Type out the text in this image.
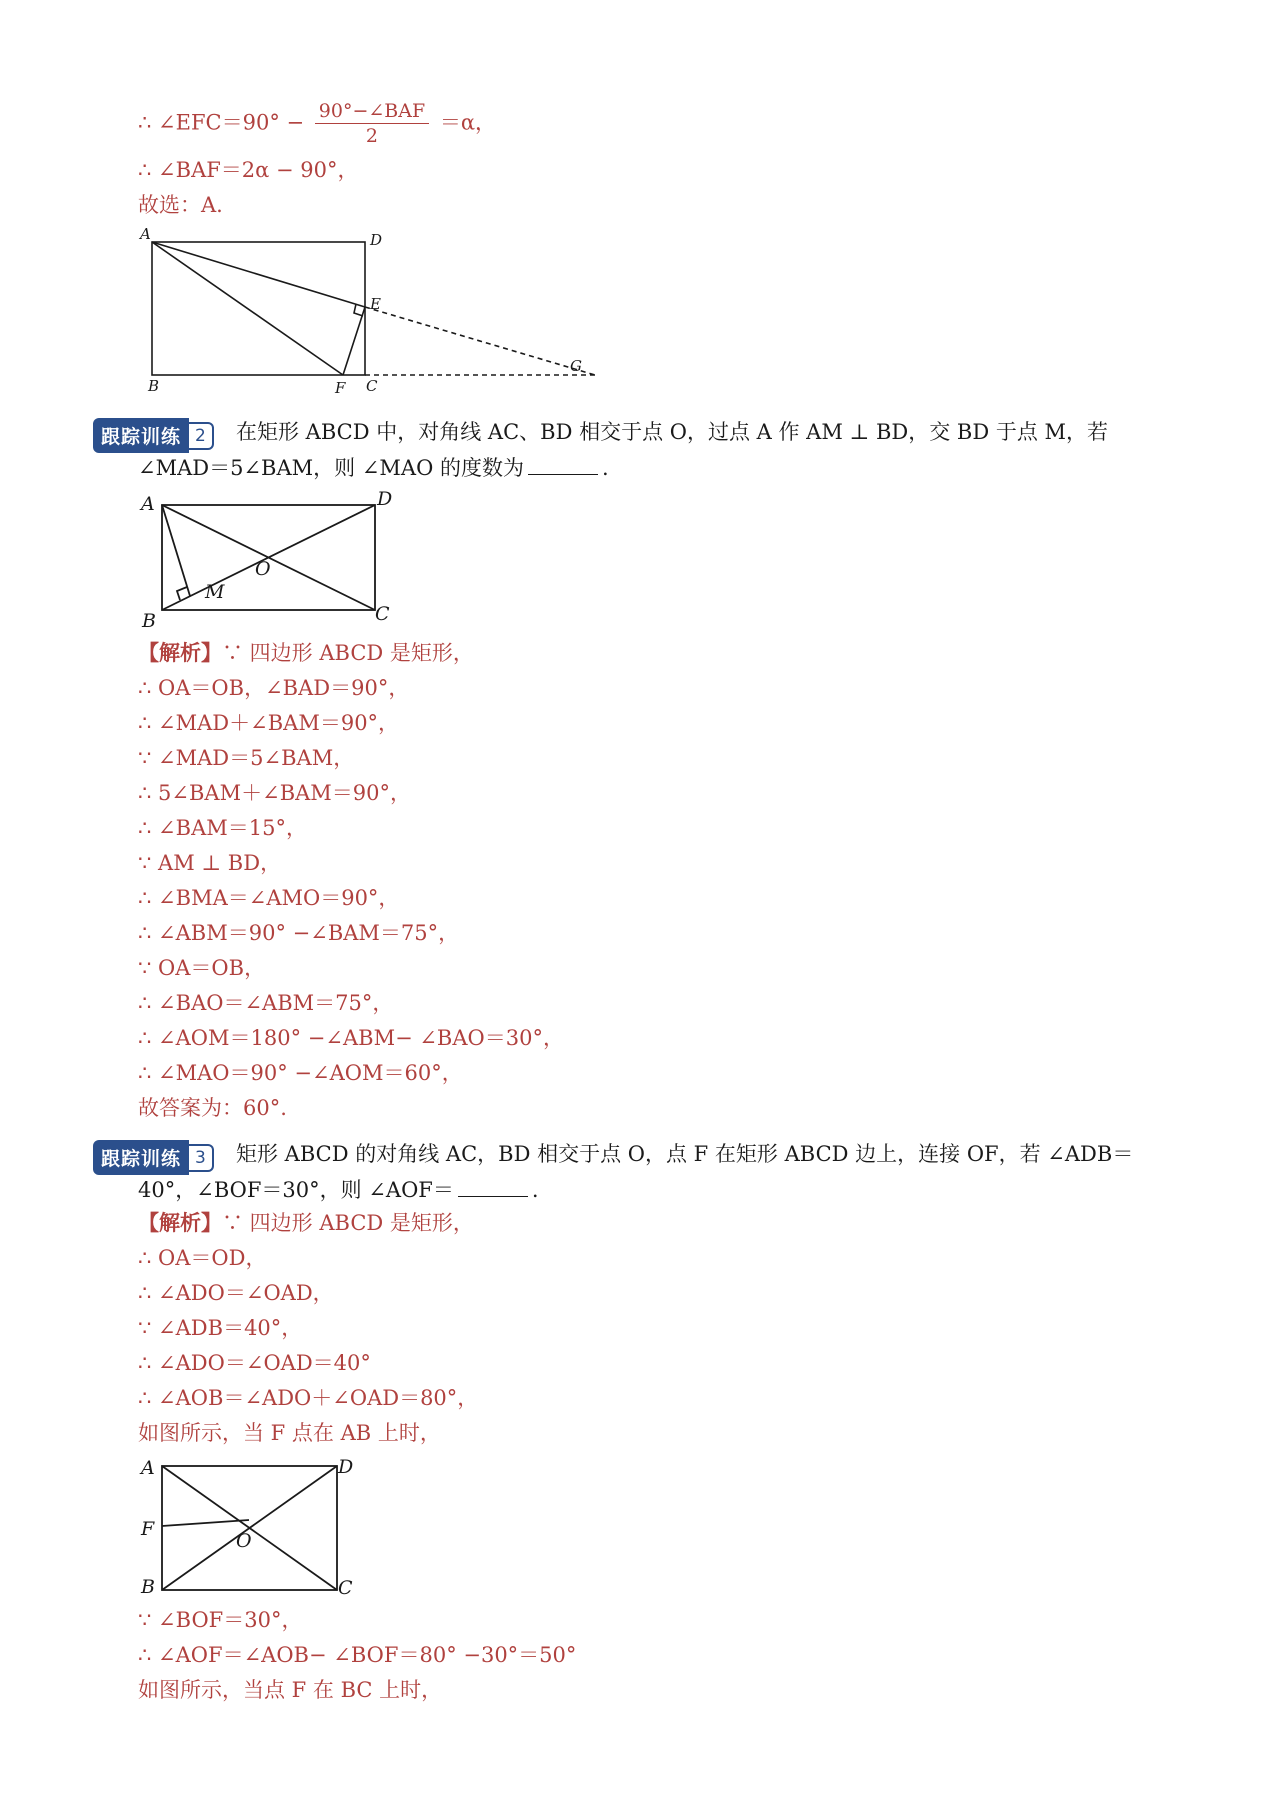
∴ ∠EFC＝90° − $\frac{\text{90°−∠BAF}}{2} =\alpha$，
∴ ∠BAF＝2α − 90°，
故选：A.
A	D
E
G
B	F C
跟踪训练 2	在矩形 ABCD 中，对角线 AC、BD 相交于点 O，过点 A 作 AM ⊥ BD，交 BD 于点 M，若
∠MAD＝5∠BAM，则 ∠MAO 的度数为	.
A	D
O
M
B	C
【解析】∵ 四边形 ABCD 是矩形，
∴ OA＝OB，∠BAD＝90°，
∴ ∠MAD＋∠BAM＝90°，
∵ ∠MAD＝5∠BAM，
∴ 5∠BAM＋∠BAM＝90°，
∴ ∠BAM＝15°，
∵ AM ⊥ BD，
∴ ∠BMA＝∠AMO＝90°，
∴ ∠ABM＝90° −∠BAM＝75°，
∵ OA＝OB，
∴ ∠BAO＝∠ABM＝75°，
∴ ∠AOM＝180° −∠ABM− ∠BAO＝30°，
∴ ∠MAO＝90° −∠AOM＝60°，
故答案为：60°.
跟踪训练 3	矩形 ABCD 的对角线 AC，BD 相交于点 O，点 F 在矩形 ABCD 边上，连接 OF，若 ∠ADB＝
40°，∠BOF＝30°，则 ∠AOF＝	.
【解析】∵ 四边形 ABCD 是矩形，
∴ OA＝OD，
∴ ∠ADO＝∠OAD，
∵ ∠ADB＝40°，
∴ ∠ADO＝∠OAD＝40°
∴ ∠AOB＝∠ADO＋∠OAD＝80°，
如图所示，当 F 点在 AB 上时，
A	D
F
O
B	C
∵ ∠BOF＝30°，
∴ ∠AOF＝∠AOB− ∠BOF＝80° −30°＝50°
如图所示，当点 F 在 BC 上时，
